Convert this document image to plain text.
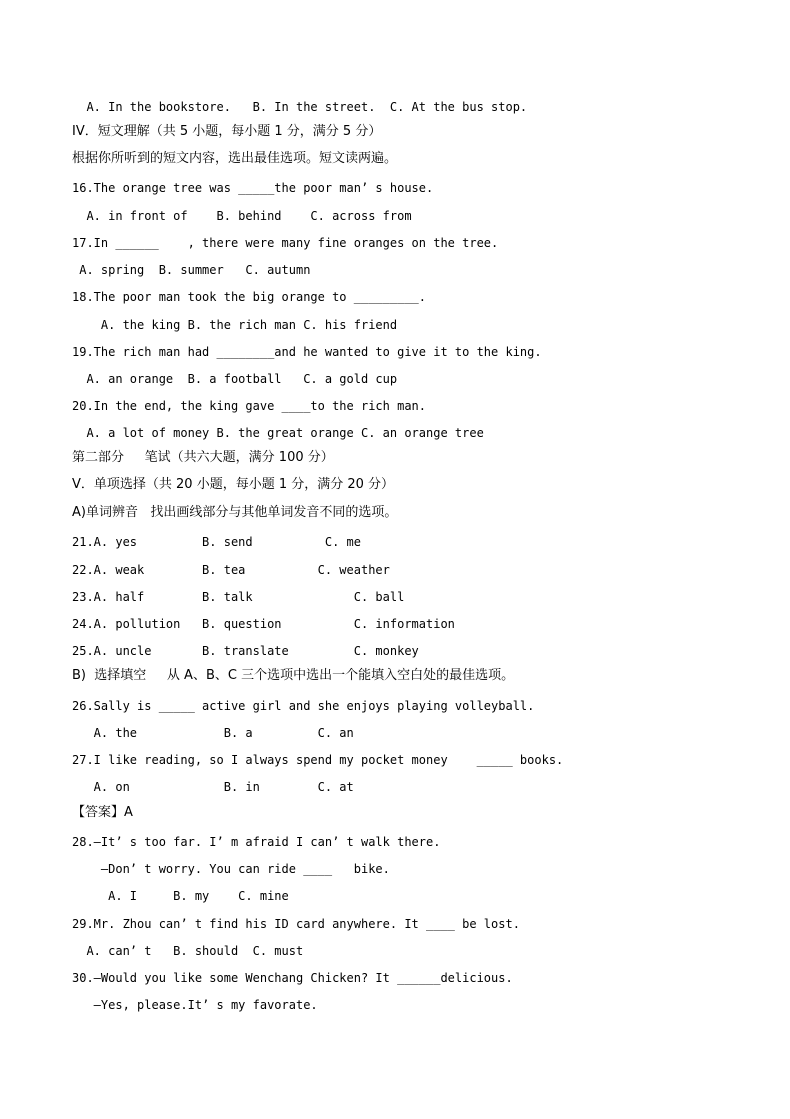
A. In the bookstore.   B. In the street.  C. At the bus stop.
IV．短文理解（共 5 小题，每小题 1 分，满分 5 分）
根据你所听到的短文内容，选出最佳选项。短文读两遍。
16.The orange tree was _____the poor man’ s house.
A. in front of    B. behind    C. across from
17.In ______    , there were many fine oranges on the tree.
A. spring  B. summer   C. autumn
18.The poor man took the big orange to _________.
A. the king B. the rich man C. his friend
19.The rich man had ________and he wanted to give it to the king.
A. an orange  B. a football   C. a gold cup
20.In the end, the king gave ____to the rich man.
A. a lot of money B. the great orange C. an orange tree
第二部分     笔试（共六大题，满分 100 分）
V．单项选择（共 20 小题，每小题 1 分，满分 20 分）
A)单词辨音   找出画线部分与其他单词发音不同的选项。
21.A. yes         B. send          C. me
22.A. weak        B. tea          C. weather
23.A. half        B. talk              C. ball
24.A. pollution   B. question          C. information
25.A. uncle       B. translate         C. monkey
B)  选择填空     从 A、B、C 三个选项中选出一个能填入空白处的最佳选项。
26.Sally is _____ active girl and she enjoys playing volleyball.
A. the            B. a         C. an
27.I like reading, so I always spend my pocket money    _____ books.
A. on             B. in        C. at
【答案】A
28.—It’ s too far. I’ m afraid I can’ t walk there.
—Don’ t worry. You can ride ____   bike.
A. I     B. my    C. mine
29.Mr. Zhou can’ t find his ID card anywhere. It ____ be lost.
A. can’ t   B. should  C. must
30.—Would you like some Wenchang Chicken? It ______delicious.
—Yes, please.It’ s my favorate.
